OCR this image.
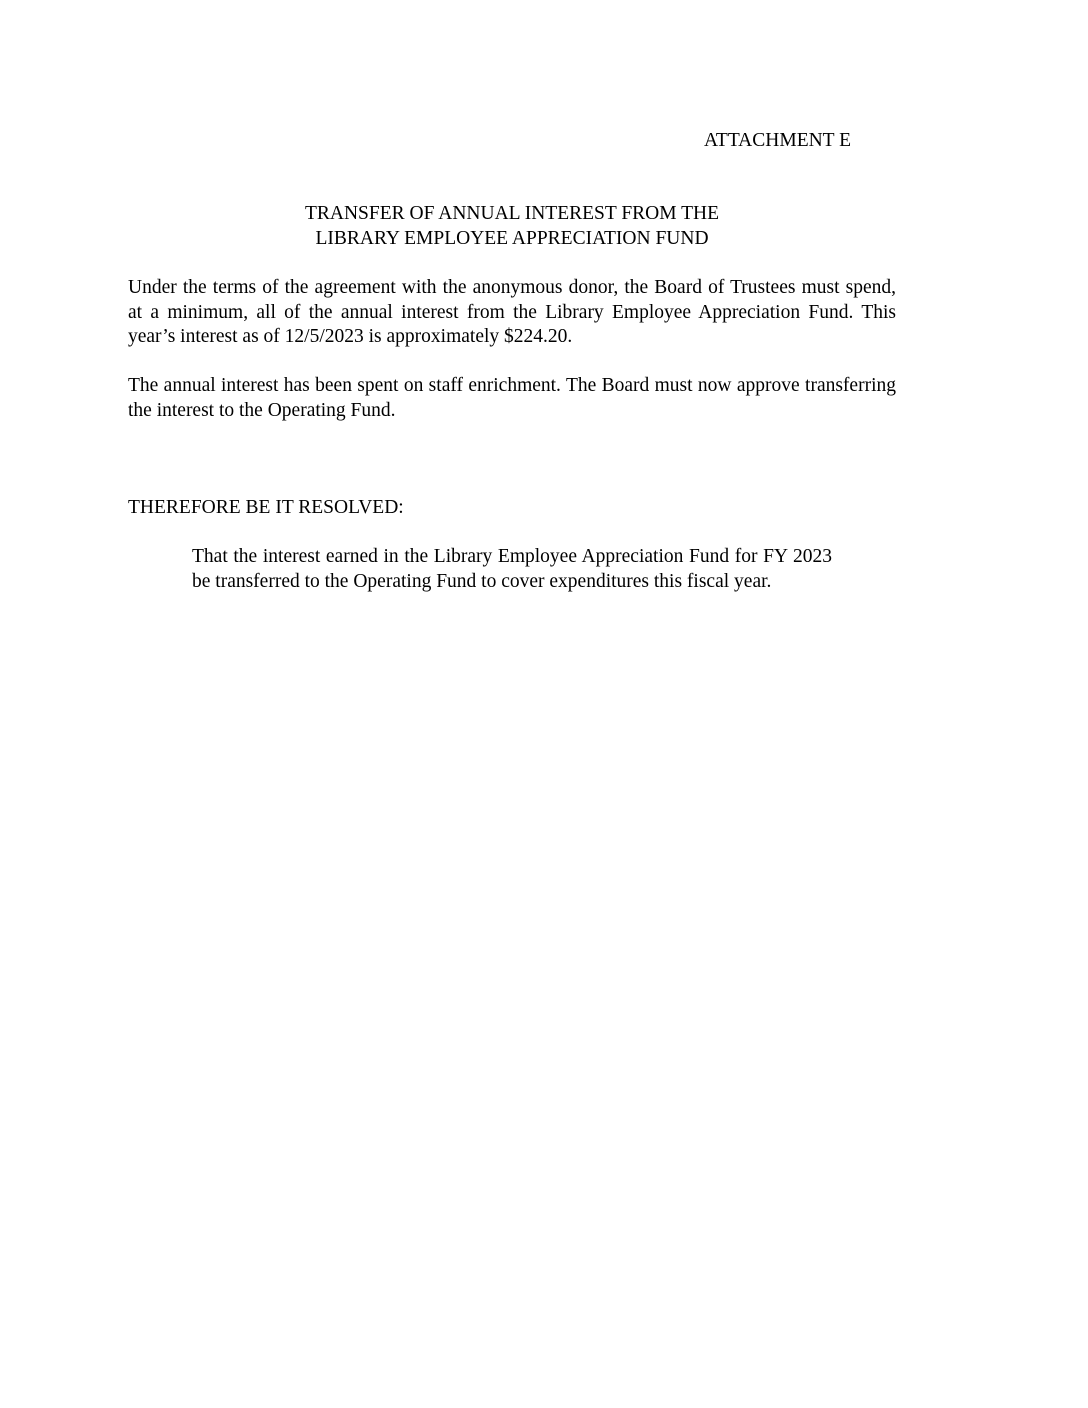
ATTACHMENT E
TRANSFER OF ANNUAL INTEREST FROM THE
LIBRARY EMPLOYEE APPRECIATION FUND
Under the terms of the agreement with the anonymous donor, the Board of Trustees must spend, at a minimum, all of the annual interest from the Library Employee Appreciation Fund. This year’s interest as of 12/5/2023 is approximately $224.20.
The annual interest has been spent on staff enrichment. The Board must now approve transferring the interest to the Operating Fund.
THEREFORE BE IT RESOLVED:
That the interest earned in the Library Employee Appreciation Fund for FY 2023 be transferred to the Operating Fund to cover expenditures this fiscal year.
